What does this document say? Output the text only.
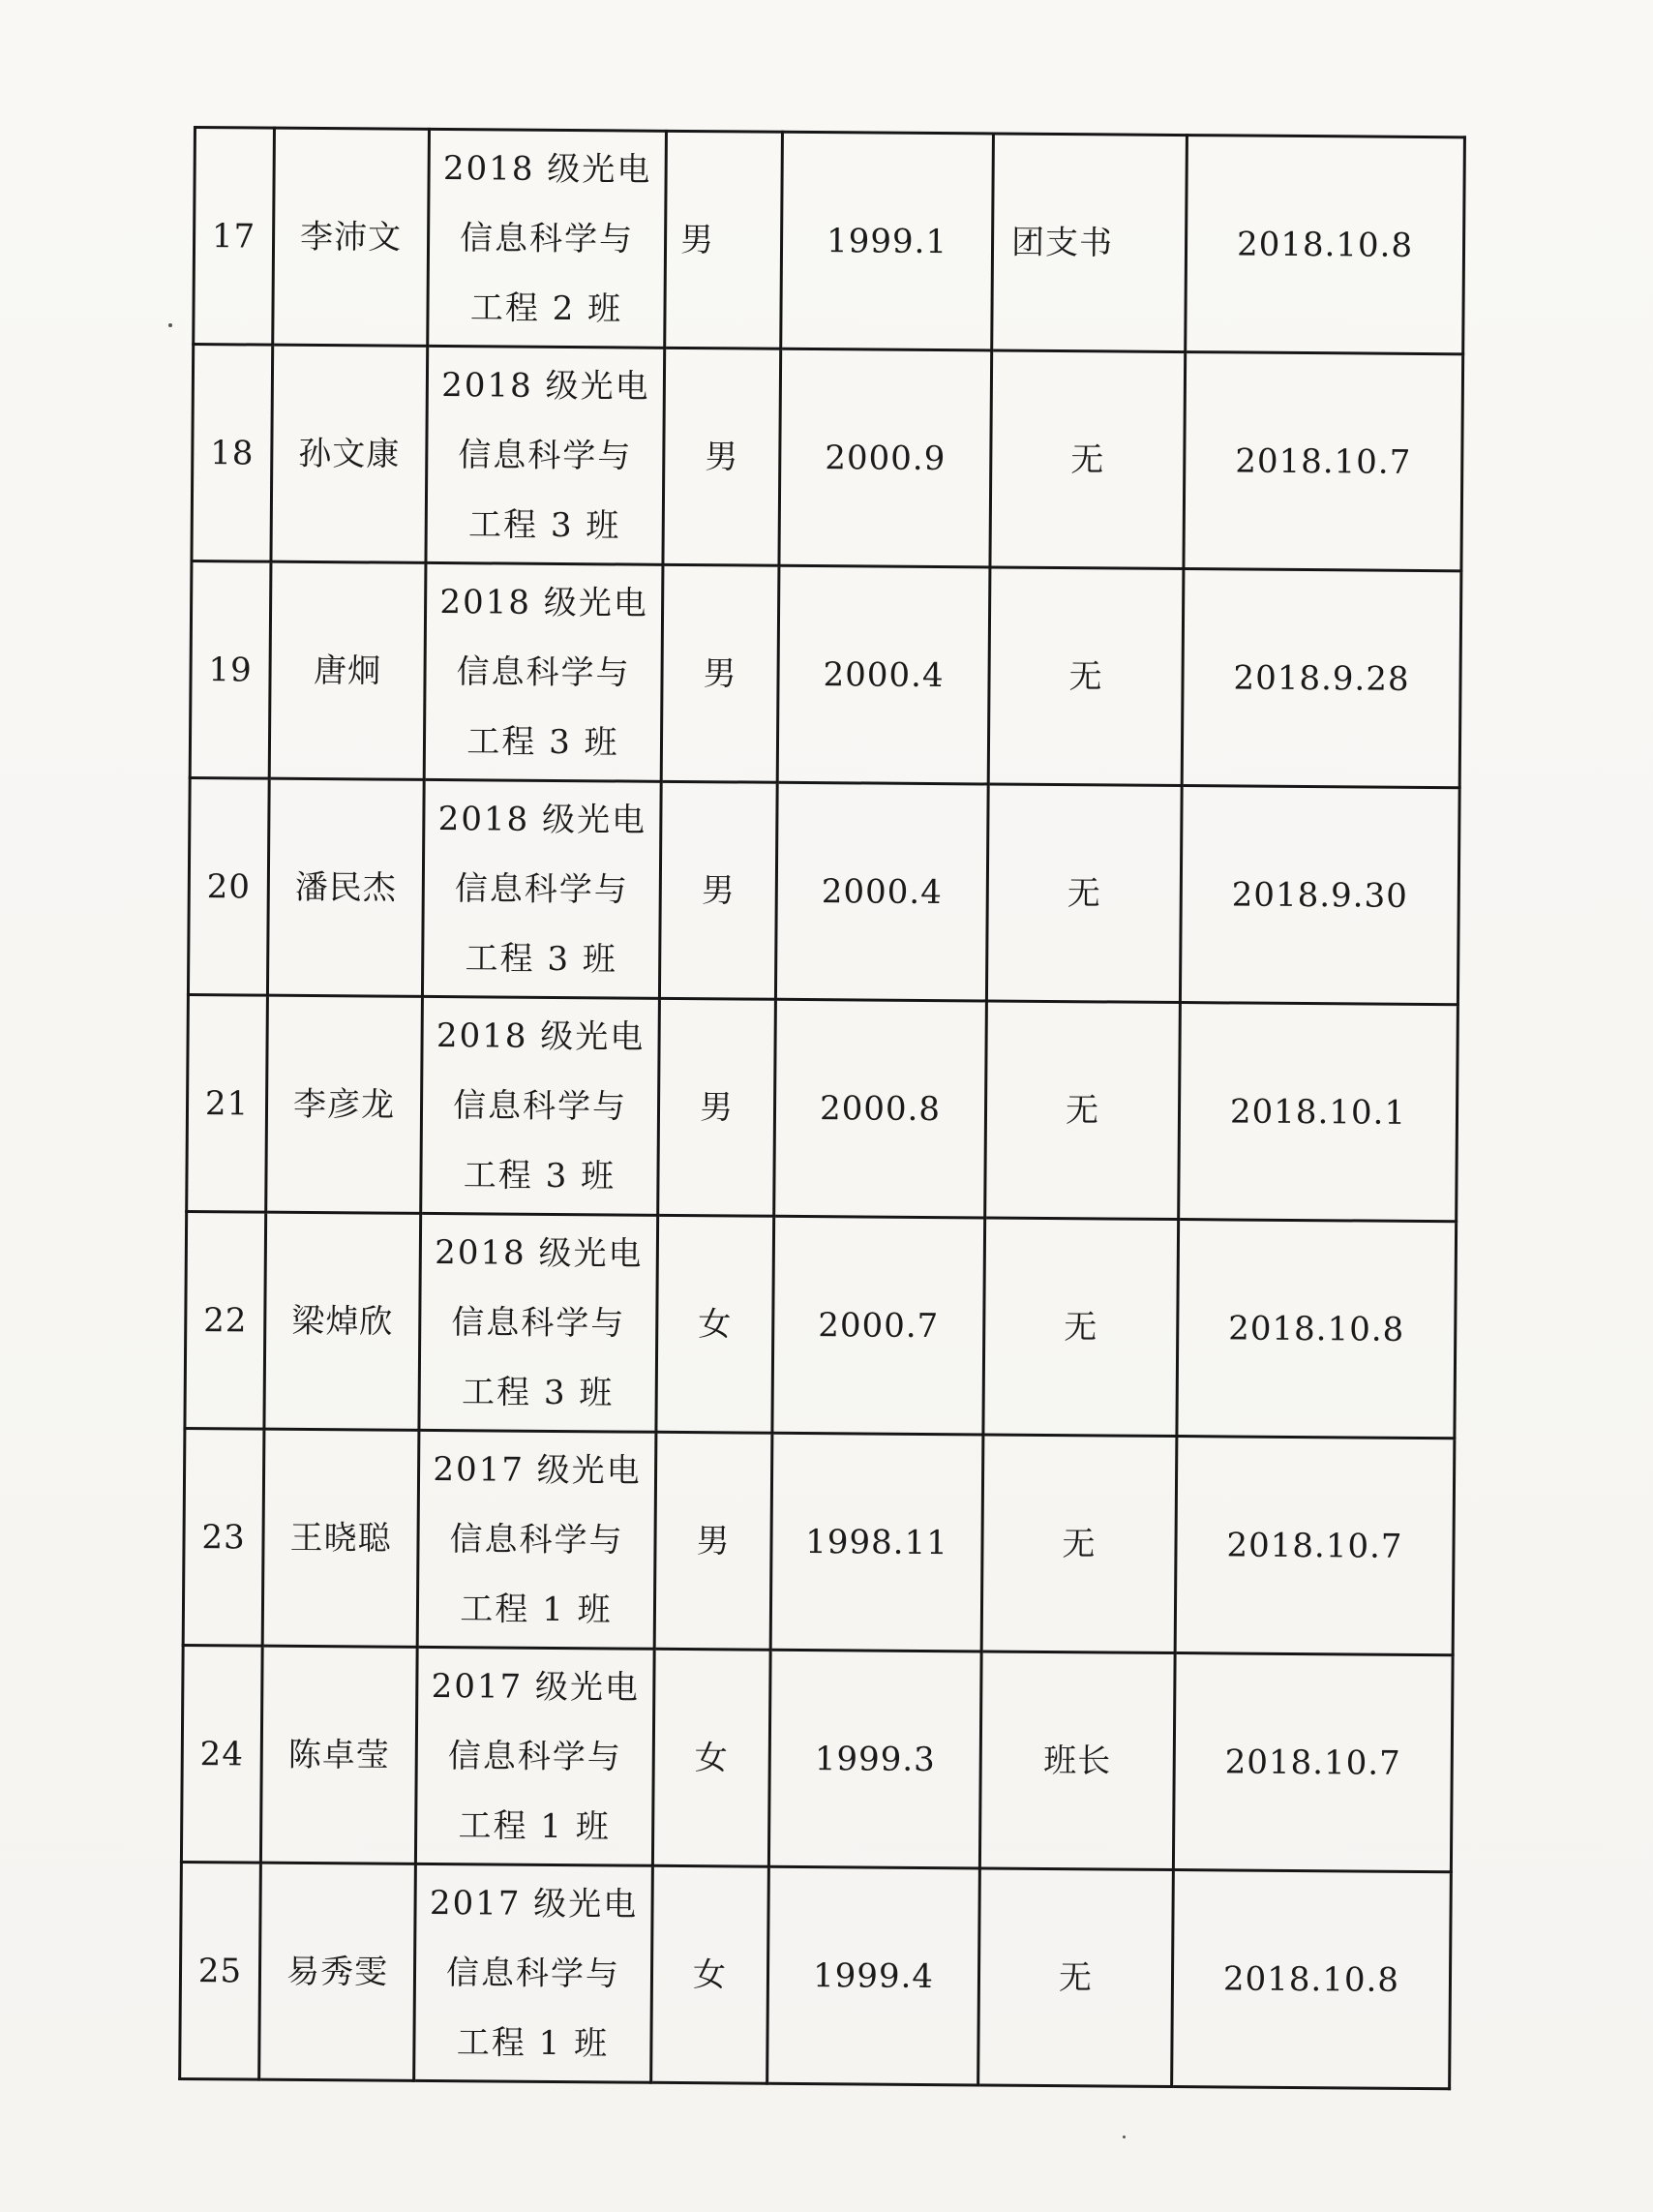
17	李沛文	2018 级光电
信息科学与
工程 2 班	男	1999.1	团支书	2018.10.8
18	孙文康	2018 级光电
信息科学与
工程 3 班	男	2000.9	无	2018.10.7
19	唐炯	2018 级光电
信息科学与
工程 3 班	男	2000.4	无	2018.9.28
20	潘民杰	2018 级光电
信息科学与
工程 3 班	男	2000.4	无	2018.9.30
21	李彦龙	2018 级光电
信息科学与
工程 3 班	男	2000.8	无	2018.10.1
22	梁焯欣	2018 级光电
信息科学与
工程 3 班	女	2000.7	无	2018.10.8
23	王晓聪	2017 级光电
信息科学与
工程 1 班	男	1998.11	无	2018.10.7
24	陈卓莹	2017 级光电
信息科学与
工程 1 班	女	1999.3	班长	2018.10.7
25	易秀雯	2017 级光电
信息科学与
工程 1 班	女	1999.4	无	2018.10.8
